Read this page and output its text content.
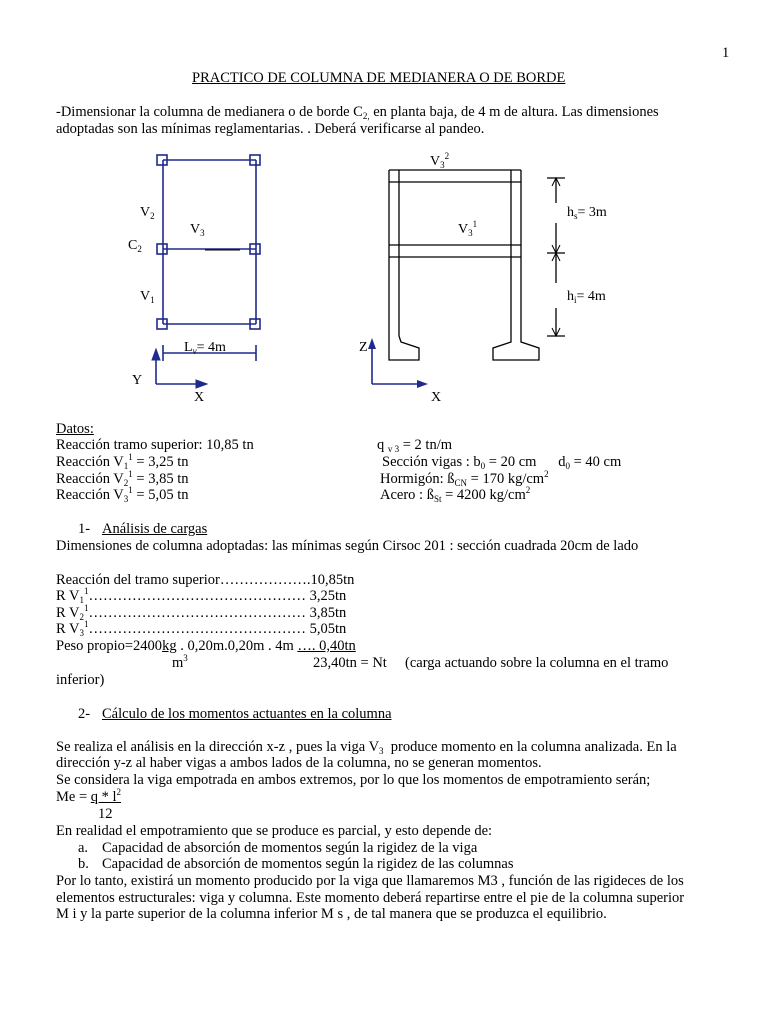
1
PRACTICO DE COLUMNA DE MEDIANERA O DE BORDE
-Dimensionar la columna de medianera o de borde $C_{2,}$ en planta baja, de 4 m de altura. Las dimensiones
adoptadas son las mínimas reglamentarias. . Deberá verificarse al pandeo.
$V_2$
$V_3$
$C_2$
$V_1$
$L_v= 4m$
Y
X
$V_3^2$
$V_3^1$
$h_s= 3m$
$h_i= 4m$
Z
X
Datos:
Reacción tramo superior: 10,85 tn
Reacción $V_1^1 = 3,25$ tn
Reacción $V_2^1 = 3,85$ tn
Reacción $V_3^1 = 5,05$ tn
q $_{v 3}$ = 2 tn/m
Sección vigas : $b_0 = 20$ cm      $d_0 = 40$ cm
Hormigón: $ß_{CN} = 170$ $kg/cm^2$
Acero : $ß_{St} = 4200$ $kg/cm^2$
1- Análisis de cargas
Dimensiones de columna adoptadas: las mínimas según Cirsoc 201 : sección cuadrada 20cm de lado
Reacción del tramo superior……………….10,85tn
R $V_1^1\dots\dots\dots\dots\dots\dots\dots\dots\dots\dots\dots\dots\dots\dots\dots$ 3,25tn
R $V_2^1\dots\dots\dots\dots\dots\dots\dots\dots\dots\dots\dots\dots\dots\dots\dots$ 3,85tn
R $V_3^1\dots\dots\dots\dots\dots\dots\dots\dots\dots\dots\dots\dots\dots\dots\dots$ 5,05tn
Peso propio=2400kg . 0,20m.0,20m . 4m …. 0,40tn
$m^3$	23,40tn = Nt (carga actuando sobre la columna en el tramo
inferior)
2- Cálculo de los momentos actuantes en la columna
Se realiza el análisis en la dirección x-z , pues la viga $V_3$  produce momento en la columna analizada. En la
dirección y-z al haber vigas a ambos lados de la columna, no se generan momentos.
Se considera la viga empotrada en ambos extremos, por lo que los momentos de empotramiento serán;
$Me = q * l^2$
12
En realidad el empotramiento que se produce es parcial, y esto depende de:
a. Capacidad de absorción de momentos según la rigidez de la viga
b. Capacidad de absorción de momentos según la rigidez de las columnas
Por lo tanto, existirá un momento producido por la viga que llamaremos M3 , función de las rigideces de los
elementos estructurales: viga y columna. Este momento deberá repartirse entre el pie de la columna superior
M i y la parte superior de la columna inferior M s , de tal manera que se produzca el equilibrio.
